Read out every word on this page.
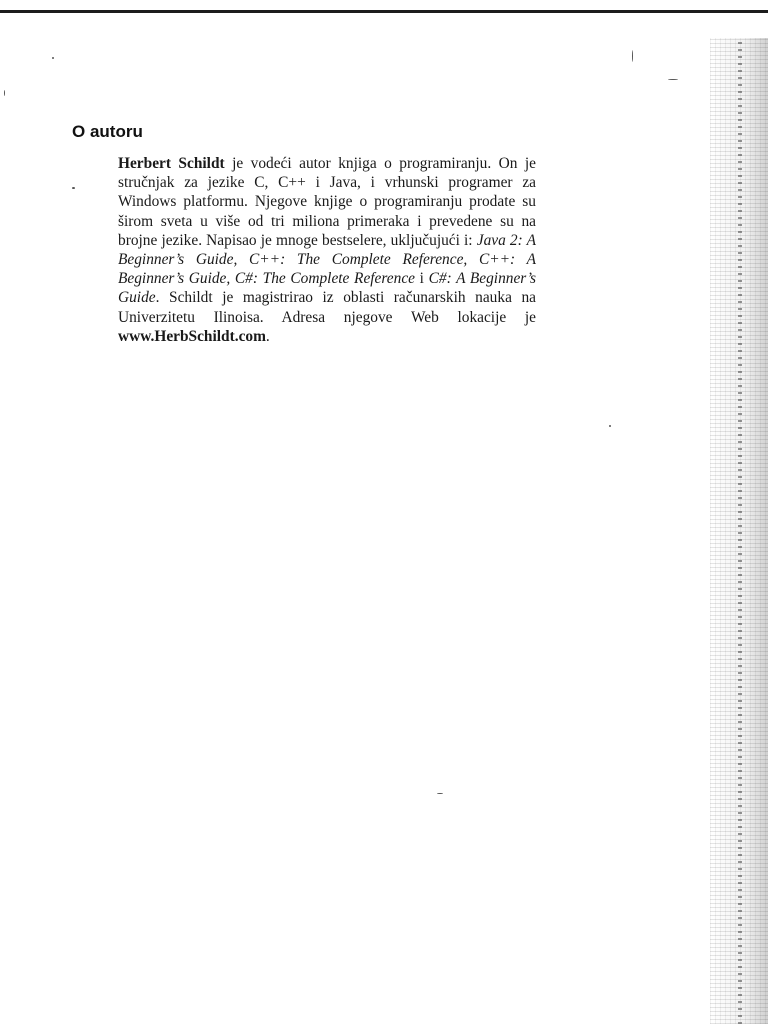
O autoru

Herbert Schildt je vodeći autor knjiga o programiranju. On je stručnjak za jezike C, C++ i Java, i vrhunski programer za Windows platformu. Njegove knjige o programiranju prodate su širom sveta u više od tri miliona primeraka i prevedene su na brojne jezike. Napisao je mnoge bestselere, uključujući i: Java 2: A Beginner’s Guide, C++: The Complete Reference, C++: A Beginner’s Guide, C#: The Complete Reference i C#: A Beginner’s Guide. Schildt je magistrirao iz oblasti računarskih nauka na Univerzitetu Ilinoisa. Adresa njegove Web lokacije je www.HerbSchildt.com.
